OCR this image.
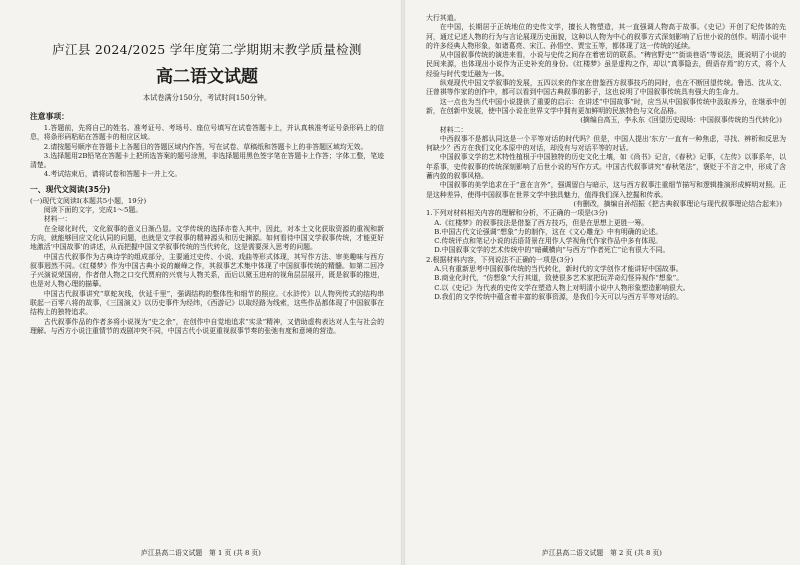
庐江县 2024/2025 学年度第二学期期末教学质量检测
高二语文试题
本试卷满分150分，考试时间150分钟。
注意事项：

1.答题前，先将自己的姓名、准考证号、考场号、座位号填写在试卷答题卡上，并认真核准考证号条形码上的信息，将条形码粘贴在答题卡的相应区域。

2.请按题号顺序在答题卡上各题目的答题区域内作答，写在试卷、草稿纸和答题卡上的非答题区域均无效。

3.选择题用2B铅笔在答题卡上把所选答案的题号涂黑，非选择题用黑色签字笔在答题卡上作答；字体工整，笔迹清楚。

4.考试结束后，请将试卷和答题卡一并上交。

一、现代文阅读(35分)

(一)现代文阅读Ⅰ(本题共5小题，19分)

阅读下面的文字，完成1～5题。

材料一：

在全球化时代，文化叙事的意义日渐凸显。文学传统的选择亦卷入其中，因此，对本土文化获取资源的重视和新方向，就能够回应文化认同的问题，也就是文学叙事的精神源头和历史渊源。如何看待中国文学叙事传统，才能更好地激活‘中国故事’的讲述，从而把握中国文学叙事传统的当代转化，这是需要深入思考的问题。

中国古代叙事作为古典诗学的组成部分，主要通过史传、小说、戏曲等形式体现，其写作方法、审美趣味与西方叙事迥然不同。《红楼梦》作为中国古典小说的巅峰之作，其叙事艺术集中体现了中国叙事传统的精髓。如第二回冷子兴演说荣国府，作者借人物之口交代贾府的兴衰与人物关系，而后以黛玉进府的视角层层展开，既是叙事的推进，也是对人物心理的描摹。

中国古代叙事讲究“草蛇灰线，伏延千里”，强调结构的整体性和细节的照应。《水浒传》以人物列传式的结构串联起一百零八将的故事，《三国演义》以历史事件为经纬，《西游记》以取经路为线索，这些作品都体现了中国叙事在结构上的独特追求。

古代叙事作品的作者多将小说视为“史之余”，在创作中自觉地追求“实录”精神，又借助虚构表达对人生与社会的理解。与西方小说注重情节的戏剧冲突不同，中国古代小说更重视叙事节奏的张弛有度和意境的营造。

庐江县高二语文试题　第 1 页 (共 8 页)

大行其道。

在中国，长期居于正统地位的史传文学，擅长人物塑造，其一直强调人物高于故事。《史记》开创了纪传体的先河，通过记述人物的行为与言论展现历史面貌，这种以人物为中心的叙事方式深刻影响了后世小说的创作。明清小说中的许多经典人物形象，如诸葛亮、宋江、孙悟空、贾宝玉等，都体现了这一传统的延续。

从中国叙事传统的演进来看，小说与史传之间存在着密切的联系。“稗官野史”“街谈巷语”等说法，既说明了小说的民间来源，也体现出小说作为正史补充的身份。《红楼梦》虽是虚构之作，却以“真事隐去，假语存焉”的方式，将个人经验与时代变迁融为一体。

纵观现代中国文学叙事的发展，五四以来的作家在借鉴西方叙事技巧的同时，也在不断回望传统。鲁迅、沈从文、汪曾祺等作家的创作中，都可以看到中国古典叙事的影子，这也说明了中国叙事传统具有强大的生命力。

这一点也为当代中国小说提供了重要的启示：在讲述“中国故事”时，应当从中国叙事传统中汲取养分，在继承中创新，在创新中发展，使中国小说在世界文学中拥有更加鲜明的民族特色与文化品格。

(摘编自高玉，李永东《回望历史现场：中国叙事传统的当代转化》)

材料二：

中西叙事不是都认同这是一个平等对话的时代吗？但是，中国人提出‘东方’一直有一种焦虑，寻找、辨析和反思为何缺少？西方在我们文化本原中的对话，却没有与对话平等的对话。

中国叙事文学的艺术特性植根于中国独特的历史文化土壤，如《尚书》记言，《春秋》记事，《左传》以事系年，以年系事，史传叙事的传统深刻影响了后世小说的写作方式。中国古代叙事讲究“春秋笔法”，褒贬于不言之中，形成了含蓄内敛的叙事风格。

中国叙事的美学追求在于“意在言外”，强调留白与暗示，这与西方叙事注重细节描写和逻辑推演形成鲜明对照。正是这种差异，使得中国叙事在世界文学中独具魅力，值得我们深入挖掘和传承。

(有删改，摘编自孙绍振《把古典叙事理论与现代叙事理论结合起来》)

1.下列对材料相关内容的理解和分析，不正确的一项是(3分)

A.《红楼梦》的叙事技法是借鉴了西方技巧，但是在思想上更胜一筹。

B.中国古代文论强调“想象”力的制作，这在《文心雕龙》中有明确的论述。

C.传统评点和笔记小说的话语背景在用作人学视角代作家作品中多有体现。

D.中国叙事文学的艺术传统中的“暗藏横向”与西方“作者死亡”论有很大不同。

2.根据材料内容，下列说法不正确的一项是(3分)

A.只有重新思考中国叙事传统的当代转化，新时代的文学创作才能讲好中国故事。

B.商业化时代，“仿想象”大行其道，致使很多艺术家把玩弄奇幻怪异视作“想象”。

C.以《史记》为代表的史传文学在塑造人物上对明清小说中人物形象塑造影响很大。

D.我们的文学传统中蕴含着丰富的叙事资源，是我们今天可以与西方平等对话的。

庐江县高二语文试题　第 2 页 (共 8 页)
